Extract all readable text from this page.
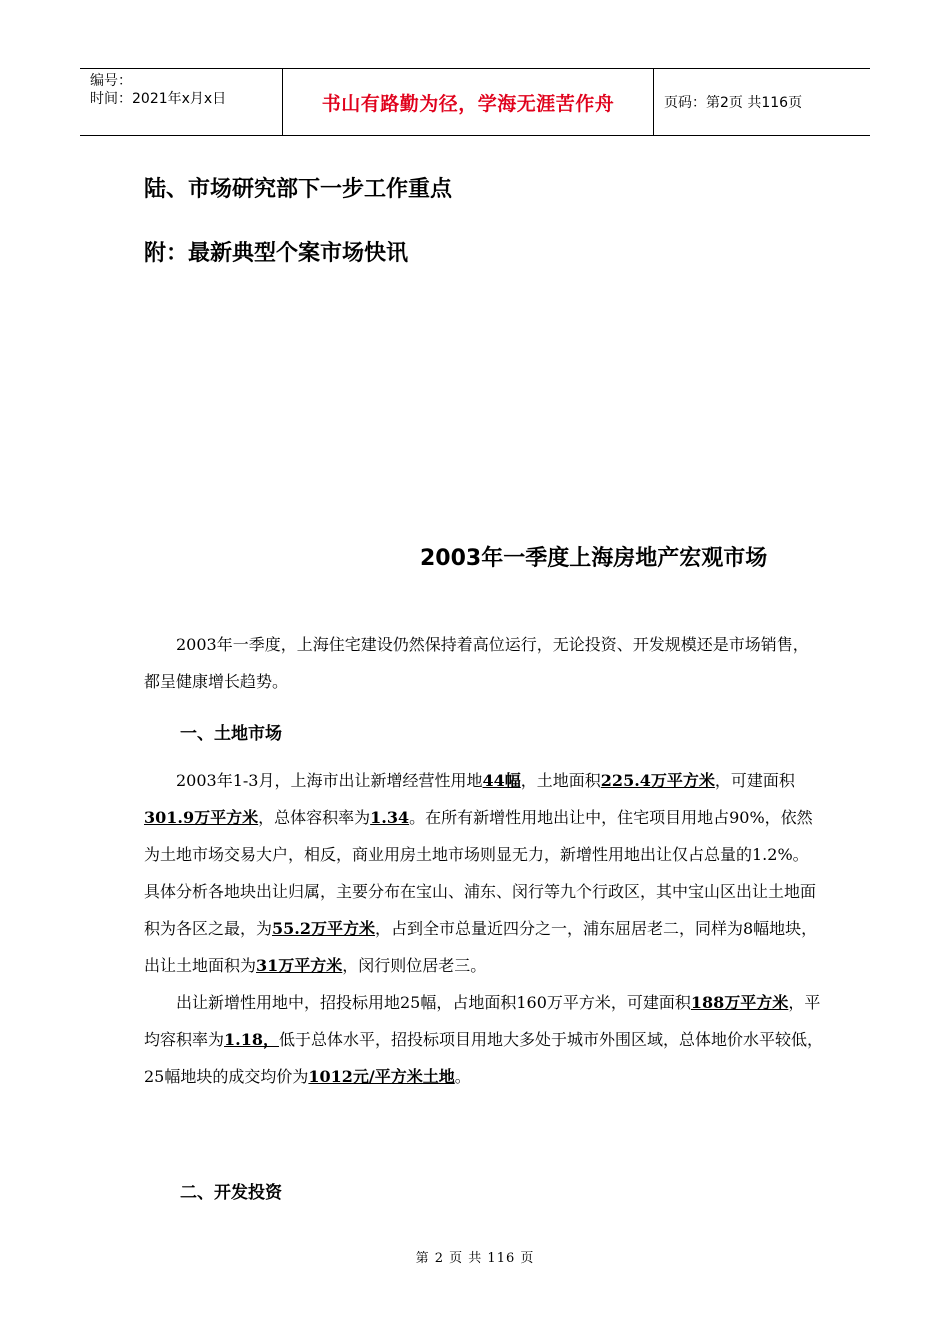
编号：
时间：2021年x月x日	书山有路勤为径，学海无涯苦作舟	页码：第2页 共116页
陆、市场研究部下一步工作重点
附：最新典型个案市场快讯
2003年一季度上海房地产宏观市场

2003年一季度，上海住宅建设仍然保持着高位运行，无论投资、开发规模还是市场销售，都呈健康增长趋势。

一、土地市场

2003年1-3月，上海市出让新增经营性用地44幅，土地面积225.4万平方米，可建面积301.9万平方米，总体容积率为1.34。在所有新增性用地出让中，住宅项目用地占90%，依然为土地市场交易大户，相反，商业用房土地市场则显无力，新增性用地出让仅占总量的1.2%。具体分析各地块出让归属，主要分布在宝山、浦东、闵行等九个行政区，其中宝山区出让土地面积为各区之最，为55.2万平方米，占到全市总量近四分之一，浦东屈居老二，同样为8幅地块，出让土地面积为31万平方米，闵行则位居老三。

出让新增性用地中，招投标用地25幅，占地面积160万平方米，可建面积188万平方米，平均容积率为1.18，低于总体水平，招投标项目用地大多处于城市外围区域，总体地价水平较低，25幅地块的成交均价为1012元/平方米土地。

二、开发投资
第 2 页 共 116 页
